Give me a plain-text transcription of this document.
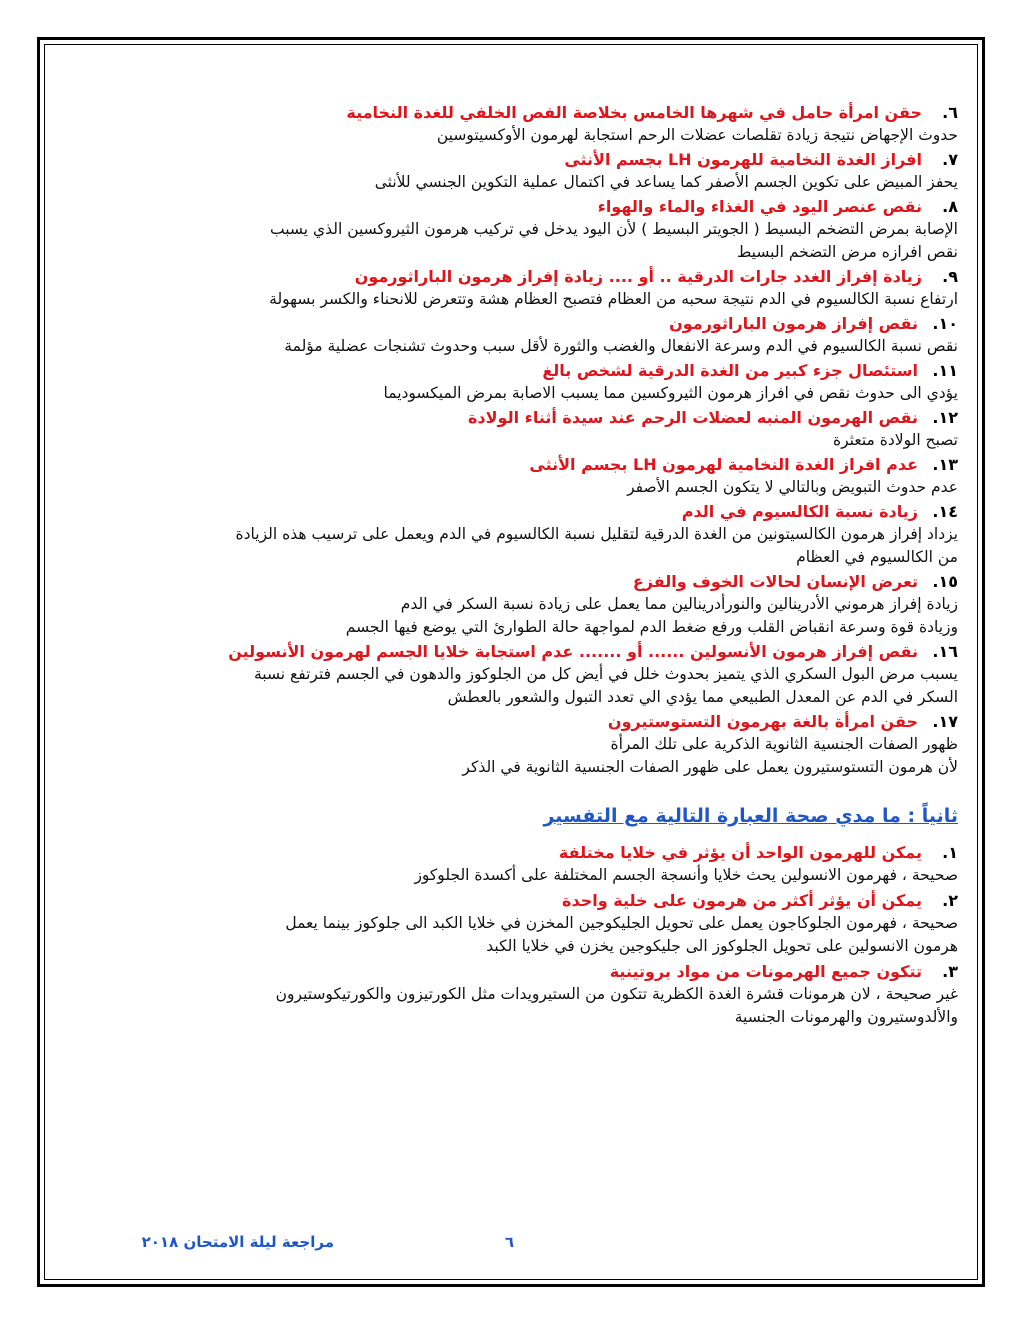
٦.
حقن امرأة حامل في شهرها الخامس بخلاصة الفص الخلفي للغدة النخامية
حدوث الإجهاض نتيجة زيادة تقلصات عضلات الرحم استجابة لهرمون الأوكسيتوسين
٧.
افراز الغدة النخامية للهرمون LH بجسم الأنثى
يحفز المبيض على تكوين الجسم الأصفر كما يساعد في اكتمال عملية التكوين الجنسي للأنثى
٨.
نقص عنصر اليود في الغذاء والماء والهواء
الإصابة بمرض التضخم البسيط ( الجويتر البسيط ) لأن اليود يدخل في تركيب هرمون الثيروكسين الذي يسبب
نقص افرازه مرض التضخم البسيط
٩.
زيادة إفراز الغدد جارات الدرقية .. أو .... زيادة إفراز هرمون الباراثورمون
ارتفاع نسبة الكالسيوم في الدم نتيجة سحبه من العظام فتصبح العظام هشة وتتعرض للانحناء والكسر بسهولة
١٠.
نقص إفراز هرمون الباراثورمون
نقص نسبة الكالسيوم في الدم وسرعة الانفعال والغضب والثورة لأقل سبب وحدوث تشنجات عضلية مؤلمة
١١.
استئصال جزء كبير من الغدة الدرقية لشخص بالغ
يؤدي الى حدوث نقص في افراز هرمون الثيروكسين مما يسبب الاصابة بمرض الميكسوديما
١٢.
نقص الهرمون المنبه لعضلات الرحم عند سيدة أثناء الولادة
تصبح الولادة متعثرة
١٣.
عدم افراز الغدة النخامية لهرمون LH بجسم الأنثى
عدم حدوث التبويض وبالتالي لا يتكون الجسم الأصفر
١٤.
زيادة نسبة الكالسيوم في الدم
يزداد إفراز هرمون الكالسيتونين من الغدة الدرقية لتقليل نسبة الكالسيوم في الدم ويعمل على ترسيب هذه الزيادة
من الكالسيوم في العظام
١٥.
تعرض الإنسان لحالات الخوف والفزع
زيادة إفراز هرموني الأدرينالين والنورأدرينالين مما يعمل على زيادة نسبة السكر في الدم
وزيادة قوة وسرعة انقباض القلب ورفع ضغط الدم لمواجهة حالة الطوارئ التي يوضع فيها الجسم
١٦.
نقص إفراز هرمون الأنسولين ...... أو ....... عدم استجابة خلايا الجسم لهرمون الأنسولين
يسبب مرض البول السكري الذي يتميز بحدوث خلل في أيض كل من الجلوكوز والدهون في الجسم فترتفع نسبة
السكر في الدم عن المعدل الطبيعي مما يؤدي الي تعدد التبول والشعور بالعطش
١٧.
حقن امرأة بالغة بهرمون التستوستيرون
ظهور الصفات الجنسية الثانوية الذكرية على تلك المرأة
لأن هرمون التستوستيرون يعمل على ظهور الصفات الجنسية الثانوية في الذكر
ثانياً : ما مدي صحة العبارة التالية مع التفسير
١.
يمكن للهرمون الواحد أن يؤثر في خلايا مختلفة
صحيحة ، فهرمون الانسولين يحث خلايا وأنسجة الجسم المختلفة على أكسدة الجلوكوز
٢.
يمكن أن يؤثر أكثر من هرمون على خلية واحدة
صحيحة ، فهرمون الجلوكاجون يعمل على تحويل الجليكوجين المخزن في خلايا الكبد الى جلوكوز بينما يعمل
هرمون الانسولين على تحويل الجلوكوز الى جليكوجين يخزن في خلايا الكبد
٣.
تتكون جميع الهرمونات من مواد بروتينية
غير صحيحة ، لان هرمونات قشرة الغدة الكظرية تتكون من الستيرويدات مثل الكورتيزون والكورتيكوستيرون
والألدوستيرون والهرمونات الجنسية
مراجعة ليلة الامتحان ٢٠١٨	٦
